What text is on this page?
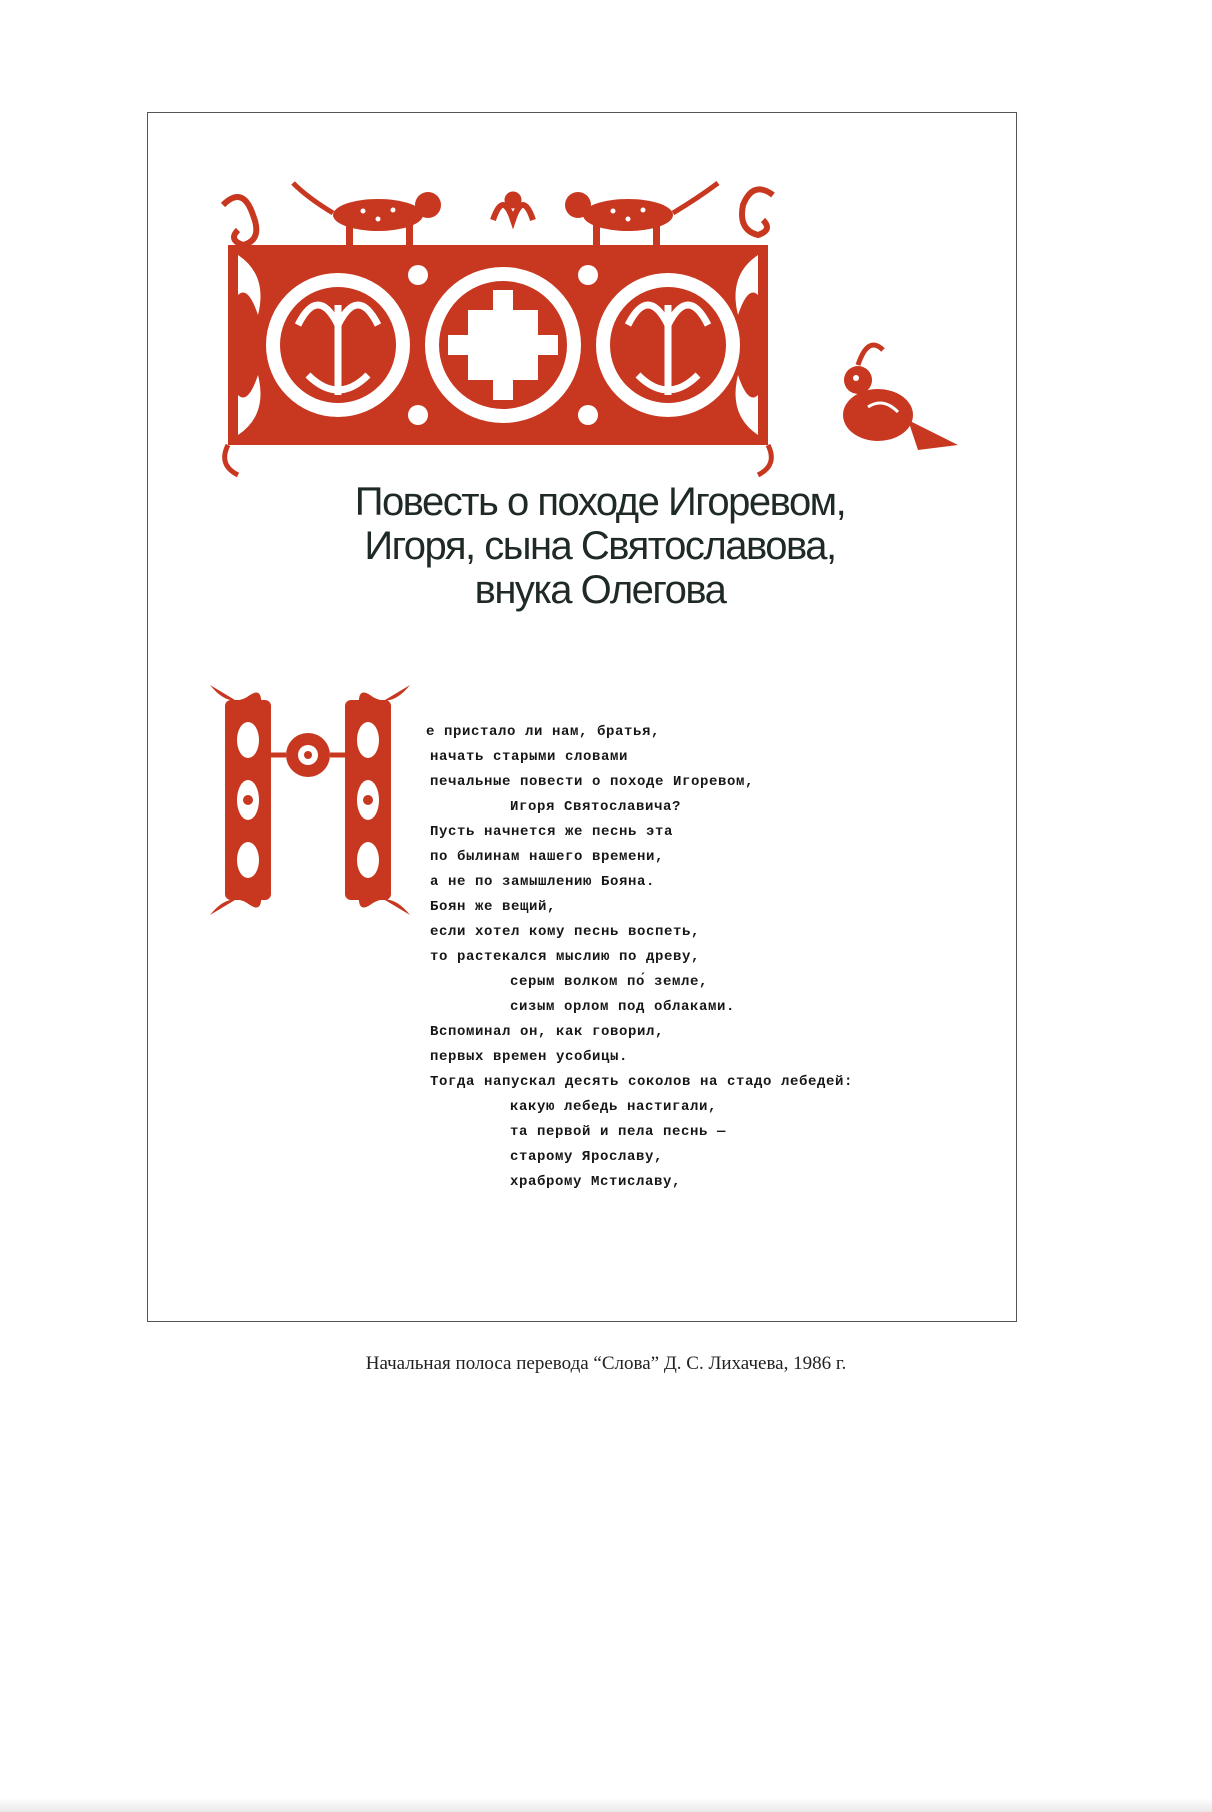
Повесть о походе Игоревом,
Игоря, сына Святославова,
внука Олегова
е пристало ли нам, братья,
начать старыми словами
печальные повести о походе Игоревом,
Игоря Святославича?
Пусть начнется же песнь эта
по былинам нашего времени,
а не по замышлению Бояна.
Боян же вещий,
если хотел кому песнь воспеть,
то растекался мыслию по древу,
серым волком по́ земле,
сизым орлом под облаками.
Вспоминал он, как говорил,
первых времен усобицы.
Тогда напускал десять соколов на стадо лебедей:
какую лебедь настигали,
та первой и пела песнь —
старому Ярославу,
храброму Мстиславу,
Начальная полоса перевода “Слова” Д. С. Лихачева, 1986 г.
